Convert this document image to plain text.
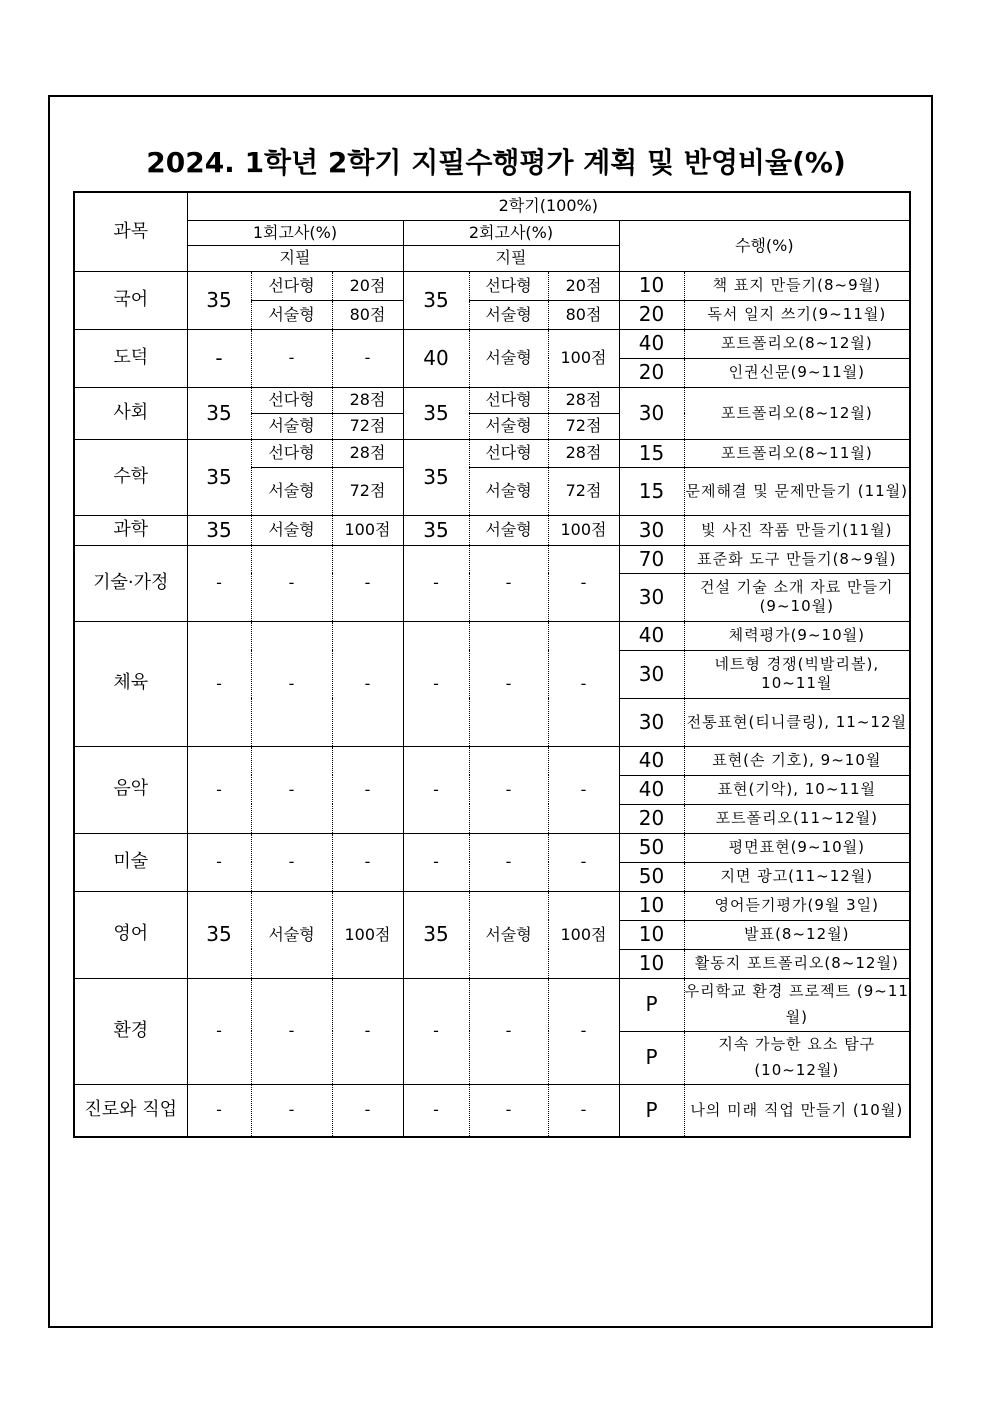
2024. 1학년 2학기 지필수행평가 계획 및 반영비율(%)
과목	2학기(100%)							
	1회고사(%)			2회고사(%)			수행(%)	
	지필			지필				
국어	35	선다형	20점	35	선다형	20점	10	책 표지 만들기(8~9월)
		서술형	80점		서술형	80점	20	독서 일지 쓰기(9~11월)
도덕	-	-	-	40	서술형	100점	40	포트폴리오(8~12월)
							20	인권신문(9~11월)
사회	35	선다형	28점	35	선다형	28점	30	포트폴리오(8~12월)
		서술형	72점		서술형	72점		
수학	35	선다형	28점	35	선다형	28점	15	포트폴리오(8~11월)
		서술형	72점		서술형	72점	15	문제해결 및 문제만들기 (11월)
과학	35	서술형	100점	35	서술형	100점	30	빛 사진 작품 만들기(11월)
기술·가정	-	-	-	-	-	-	70	표준화 도구 만들기(8~9월)
							30	건설 기술 소개 자료 만들기 (9~10월)
체육	-	-	-	-	-	-	40	체력평가(9~10월)
							30	네트형 경쟁(빅발리볼), 10~11월
							30	전통표현(티니클링), 11~12월
음악	-	-	-	-	-	-	40	표현(손 기호), 9~10월
							40	표현(기악), 10~11월
							20	포트폴리오(11~12월)
미술	-	-	-	-	-	-	50	평면표현(9~10월)
							50	지면 광고(11~12월)
영어	35	서술형	100점	35	서술형	100점	10	영어듣기평가(9월 3일)
							10	발표(8~12월)
							10	활동지 포트폴리오(8~12월)
환경	-	-	-	-	-	-	P	우리학교 환경 프로젝트 (9~11월)
							P	지속 가능한 요소 탐구 (10~12월)
진로와 직업	-	-	-	-	-	-	P	나의 미래 직업 만들기 (10월)
